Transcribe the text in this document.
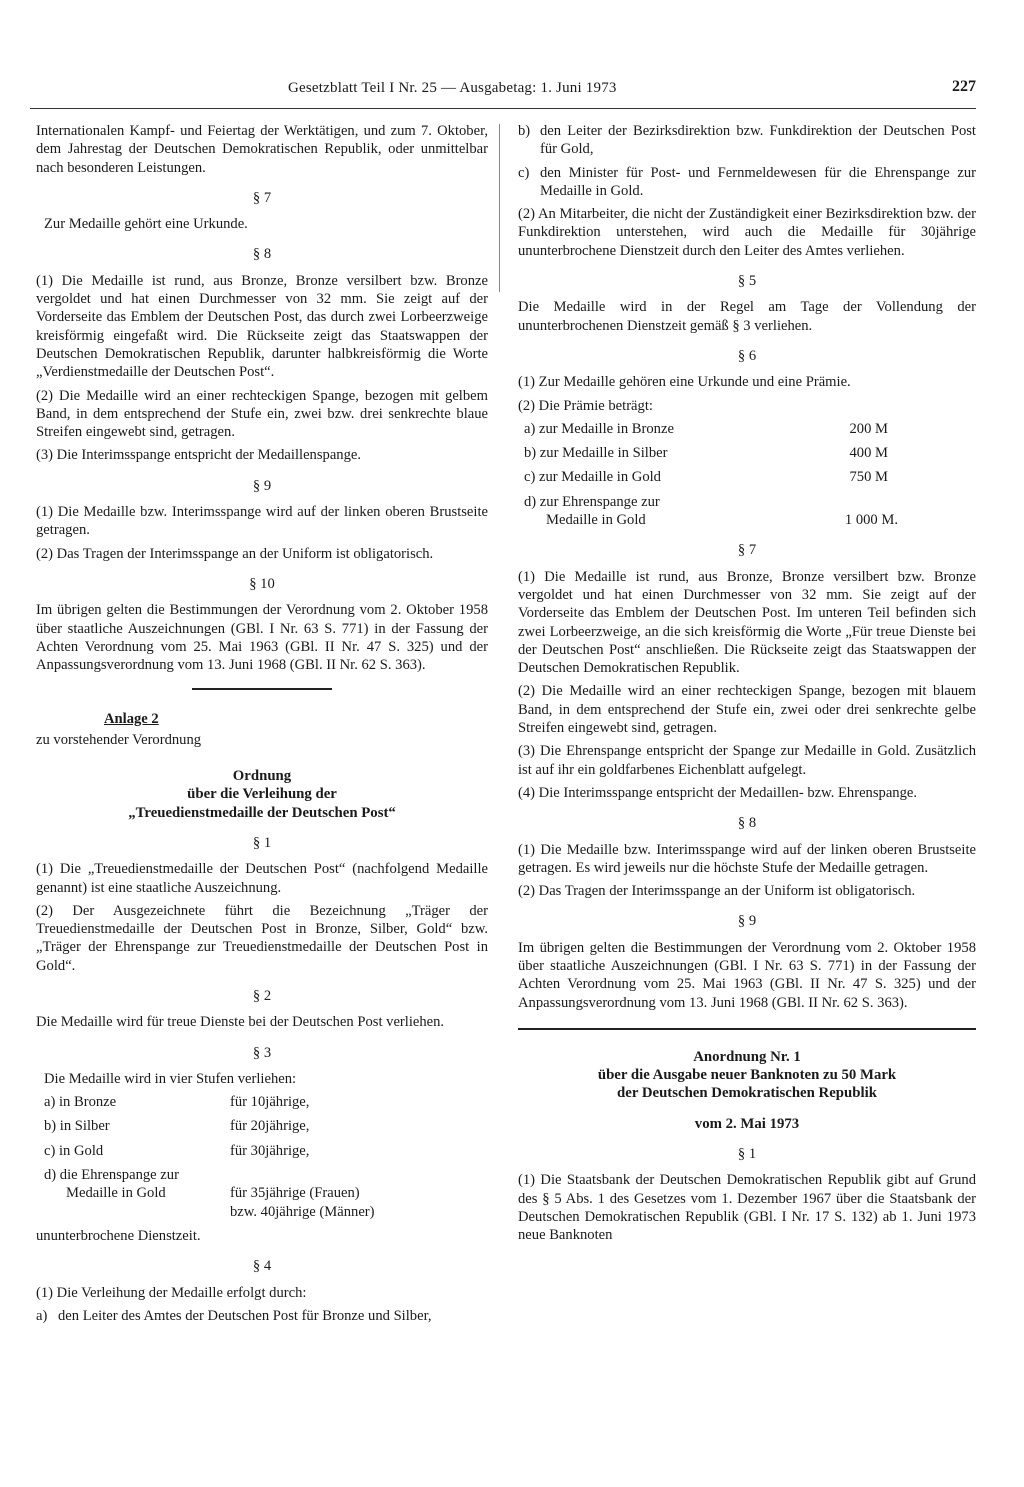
Gesetzblatt Teil I Nr. 25 — Ausgabetag: 1. Juni 1973	227

Internationalen Kampf- und Feiertag der Werktätigen, und zum 7. Oktober, dem Jahrestag der Deutschen Demokratischen Republik, oder unmittelbar nach besonderen Leistungen.

§ 7

Zur Medaille gehört eine Urkunde.

§ 8

(1) Die Medaille ist rund, aus Bronze, Bronze versilbert bzw. Bronze vergoldet und hat einen Durchmesser von 32 mm. Sie zeigt auf der Vorderseite das Emblem der Deutschen Post, das durch zwei Lorbeerzweige kreisförmig eingefaßt wird. Die Rückseite zeigt das Staatswappen der Deutschen Demokratischen Republik, darunter halbkreisförmig die Worte „Verdienstmedaille der Deutschen Post“.

(2) Die Medaille wird an einer rechteckigen Spange, bezogen mit gelbem Band, in dem entsprechend der Stufe ein, zwei bzw. drei senkrechte blaue Streifen eingewebt sind, getragen.

(3) Die Interimsspange entspricht der Medaillenspange.

§ 9

(1) Die Medaille bzw. Interimsspange wird auf der linken oberen Brustseite getragen.

(2) Das Tragen der Interimsspange an der Uniform ist obligatorisch.

§ 10

Im übrigen gelten die Bestimmungen der Verordnung vom 2. Oktober 1958 über staatliche Auszeichnungen (GBl. I Nr. 63 S. 771) in der Fassung der Achten Verordnung vom 25. Mai 1963 (GBl. II Nr. 47 S. 325) und der Anpassungsverordnung vom 13. Juni 1968 (GBl. II Nr. 62 S. 363).

Anlage 2

zu vorstehender Verordnung

Ordnung

über die Verleihung der

„Treuedienstmedaille der Deutschen Post“

§ 1

(1) Die „Treuedienstmedaille der Deutschen Post“ (nachfolgend Medaille genannt) ist eine staatliche Auszeichnung.

(2) Der Ausgezeichnete führt die Bezeichnung „Träger der Treuedienstmedaille der Deutschen Post in Bronze, Silber, Gold“ bzw. „Träger der Ehrenspange zur Treuedienstmedaille der Deutschen Post in Gold“.

§ 2

Die Medaille wird für treue Dienste bei der Deutschen Post verliehen.

§ 3

Die Medaille wird in vier Stufen verliehen:

a) in Bronze	für 10jährige,
b) in Silber	für 20jährige,
c) in Gold	für 30jährige,
d) die Ehrenspange zur
Medaille in Gold	für 35jährige (Frauen)
bzw. 40jährige (Männer)

ununterbrochene Dienstzeit.

§ 4

(1) Die Verleihung der Medaille erfolgt durch:

a) den Leiter des Amtes der Deutschen Post für Bronze und Silber,
b) den Leiter der Bezirksdirektion bzw. Funkdirektion der Deutschen Post für Gold,
c) den Minister für Post- und Fernmeldewesen für die Ehrenspange zur Medaille in Gold.

(2) An Mitarbeiter, die nicht der Zuständigkeit einer Bezirksdirektion bzw. der Funkdirektion unterstehen, wird auch die Medaille für 30jährige ununterbrochene Dienstzeit durch den Leiter des Amtes verliehen.

§ 5

Die Medaille wird in der Regel am Tage der Vollendung der ununterbrochenen Dienstzeit gemäß § 3 verliehen.

§ 6

(1) Zur Medaille gehören eine Urkunde und eine Prämie.

(2) Die Prämie beträgt:

a) zur Medaille in Bronze	200 M
b) zur Medaille in Silber	400 M
c) zur Medaille in Gold	750 M
d) zur Ehrenspange zur
Medaille in Gold	1 000 M.
§ 7

(1) Die Medaille ist rund, aus Bronze, Bronze versilbert bzw. Bronze vergoldet und hat einen Durchmesser von 32 mm. Sie zeigt auf der Vorderseite das Emblem der Deutschen Post. Im unteren Teil befinden sich zwei Lorbeerzweige, an die sich kreisförmig die Worte „Für treue Dienste bei der Deutschen Post“ anschließen. Die Rückseite zeigt das Staatswappen der Deutschen Demokratischen Republik.

(2) Die Medaille wird an einer rechteckigen Spange, bezogen mit blauem Band, in dem entsprechend der Stufe ein, zwei oder drei senkrechte gelbe Streifen eingewebt sind, getragen.

(3) Die Ehrenspange entspricht der Spange zur Medaille in Gold. Zusätzlich ist auf ihr ein goldfarbenes Eichenblatt aufgelegt.

(4) Die Interimsspange entspricht der Medaillen- bzw. Ehrenspange.

§ 8

(1) Die Medaille bzw. Interimsspange wird auf der linken oberen Brustseite getragen. Es wird jeweils nur die höchste Stufe der Medaille getragen.

(2) Das Tragen der Interimsspange an der Uniform ist obligatorisch.

§ 9

Im übrigen gelten die Bestimmungen der Verordnung vom 2. Oktober 1958 über staatliche Auszeichnungen (GBl. I Nr. 63 S. 771) in der Fassung der Achten Verordnung vom 25. Mai 1963 (GBl. II Nr. 47 S. 325) und der Anpassungsverordnung vom 13. Juni 1968 (GBl. II Nr. 62 S. 363).

Anordnung Nr. 1

über die Ausgabe neuer Banknoten zu 50 Mark

der Deutschen Demokratischen Republik

vom 2. Mai 1973

§ 1

(1) Die Staatsbank der Deutschen Demokratischen Republik gibt auf Grund des § 5 Abs. 1 des Gesetzes vom 1. Dezember 1967 über die Staatsbank der Deutschen Demokratischen Republik (GBl. I Nr. 17 S. 132) ab 1. Juni 1973 neue Banknoten
